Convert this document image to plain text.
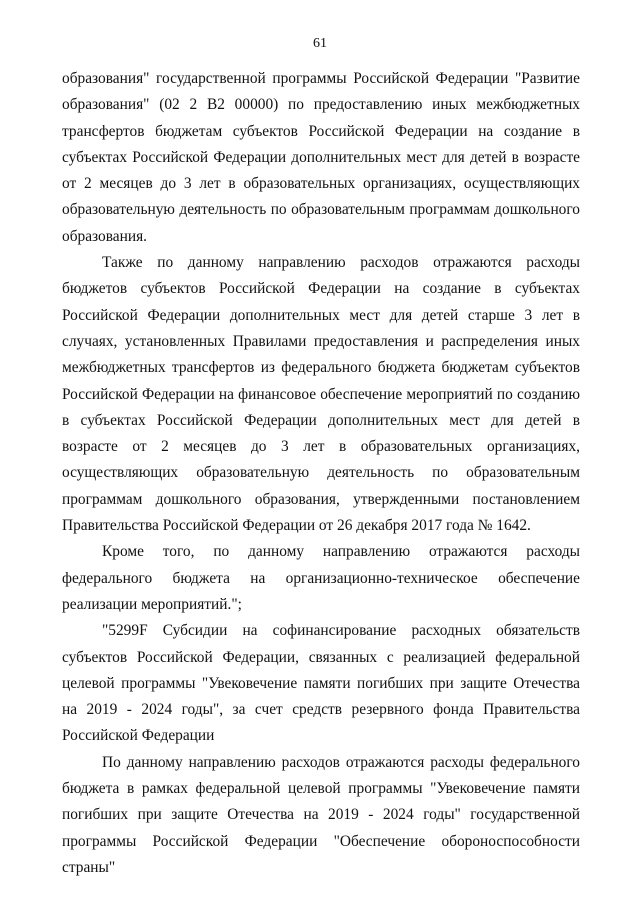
61

образования" государственной программы Российской Федерации "Развитие образования" (02 2 В2 00000) по предоставлению иных межбюджетных трансфертов бюджетам субъектов Российской Федерации на создание в субъектах Российской Федерации дополнительных мест для детей в возрасте от 2 месяцев до 3 лет в образовательных организациях, осуществляющих образовательную деятельность по образовательным программам дошкольного образования.

Также по данному направлению расходов отражаются расходы бюджетов субъектов Российской Федерации на создание в субъектах Российской Федерации дополнительных мест для детей старше 3 лет в случаях, установленных Правилами предоставления и распределения иных межбюджетных трансфертов из федерального бюджета бюджетам субъектов Российской Федерации на финансовое обеспечение мероприятий по созданию в субъектах Российской Федерации дополнительных мест для детей в возрасте от 2 месяцев до 3 лет в образовательных организациях, осуществляющих образовательную деятельность по образовательным программам дошкольного образования, утвержденными постановлением Правительства Российской Федерации от 26 декабря 2017 года № 1642.

Кроме того, по данному направлению отражаются расходы федерального бюджета на организационно-техническое обеспечение реализации мероприятий.";

"5299F Субсидии на софинансирование расходных обязательств субъектов Российской Федерации, связанных с реализацией федеральной целевой программы "Увековечение памяти погибших при защите Отечества на 2019 - 2024 годы", за счет средств резервного фонда Правительства Российской Федерации

По данному направлению расходов отражаются расходы федерального бюджета в рамках федеральной целевой программы "Увековечение памяти погибших при защите Отечества на 2019 - 2024 годы" государственной программы Российской Федерации "Обеспечение обороноспособности страны"
